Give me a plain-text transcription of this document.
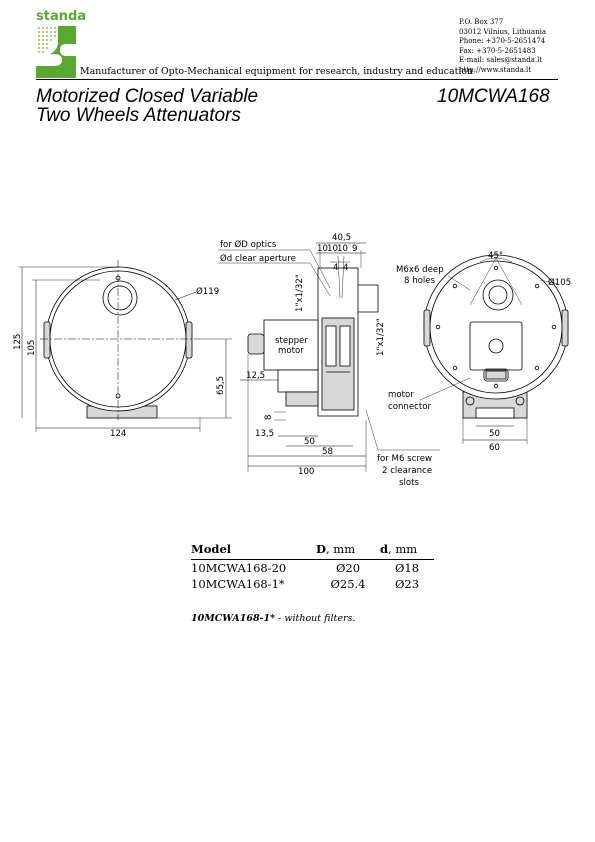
standa
Manufacturer of Opto-Mechanical equipment for research, industry and education
P.O. Box 377
03012 Vilnius, Lithuania
Phone: +370-5-2651474
Fax: +370-5-2651483
E-mail: sales@standa.lt
http://www.standa.lt
Motorized Closed Variable
Two Wheels Attenuators
10MCWA168
Ø119
125 105
124
65,5
for ØD optics
Ød clear aperture
40,5
10 10 10 9
4 4
1"x1/32"
1"x1/32"
stepper
motor
12,5
8
13,5
50
58
100
for M6 screw
2 clearance
slots
M6x6 deep
8 holes
45°
Ø105
motor
connector
50
60
Model	D, mm	d, mm
10MCWA168-20	Ø20	Ø18
10MCWA168-1*	Ø25.4	Ø23
10MCWA168-1* - without filters.
